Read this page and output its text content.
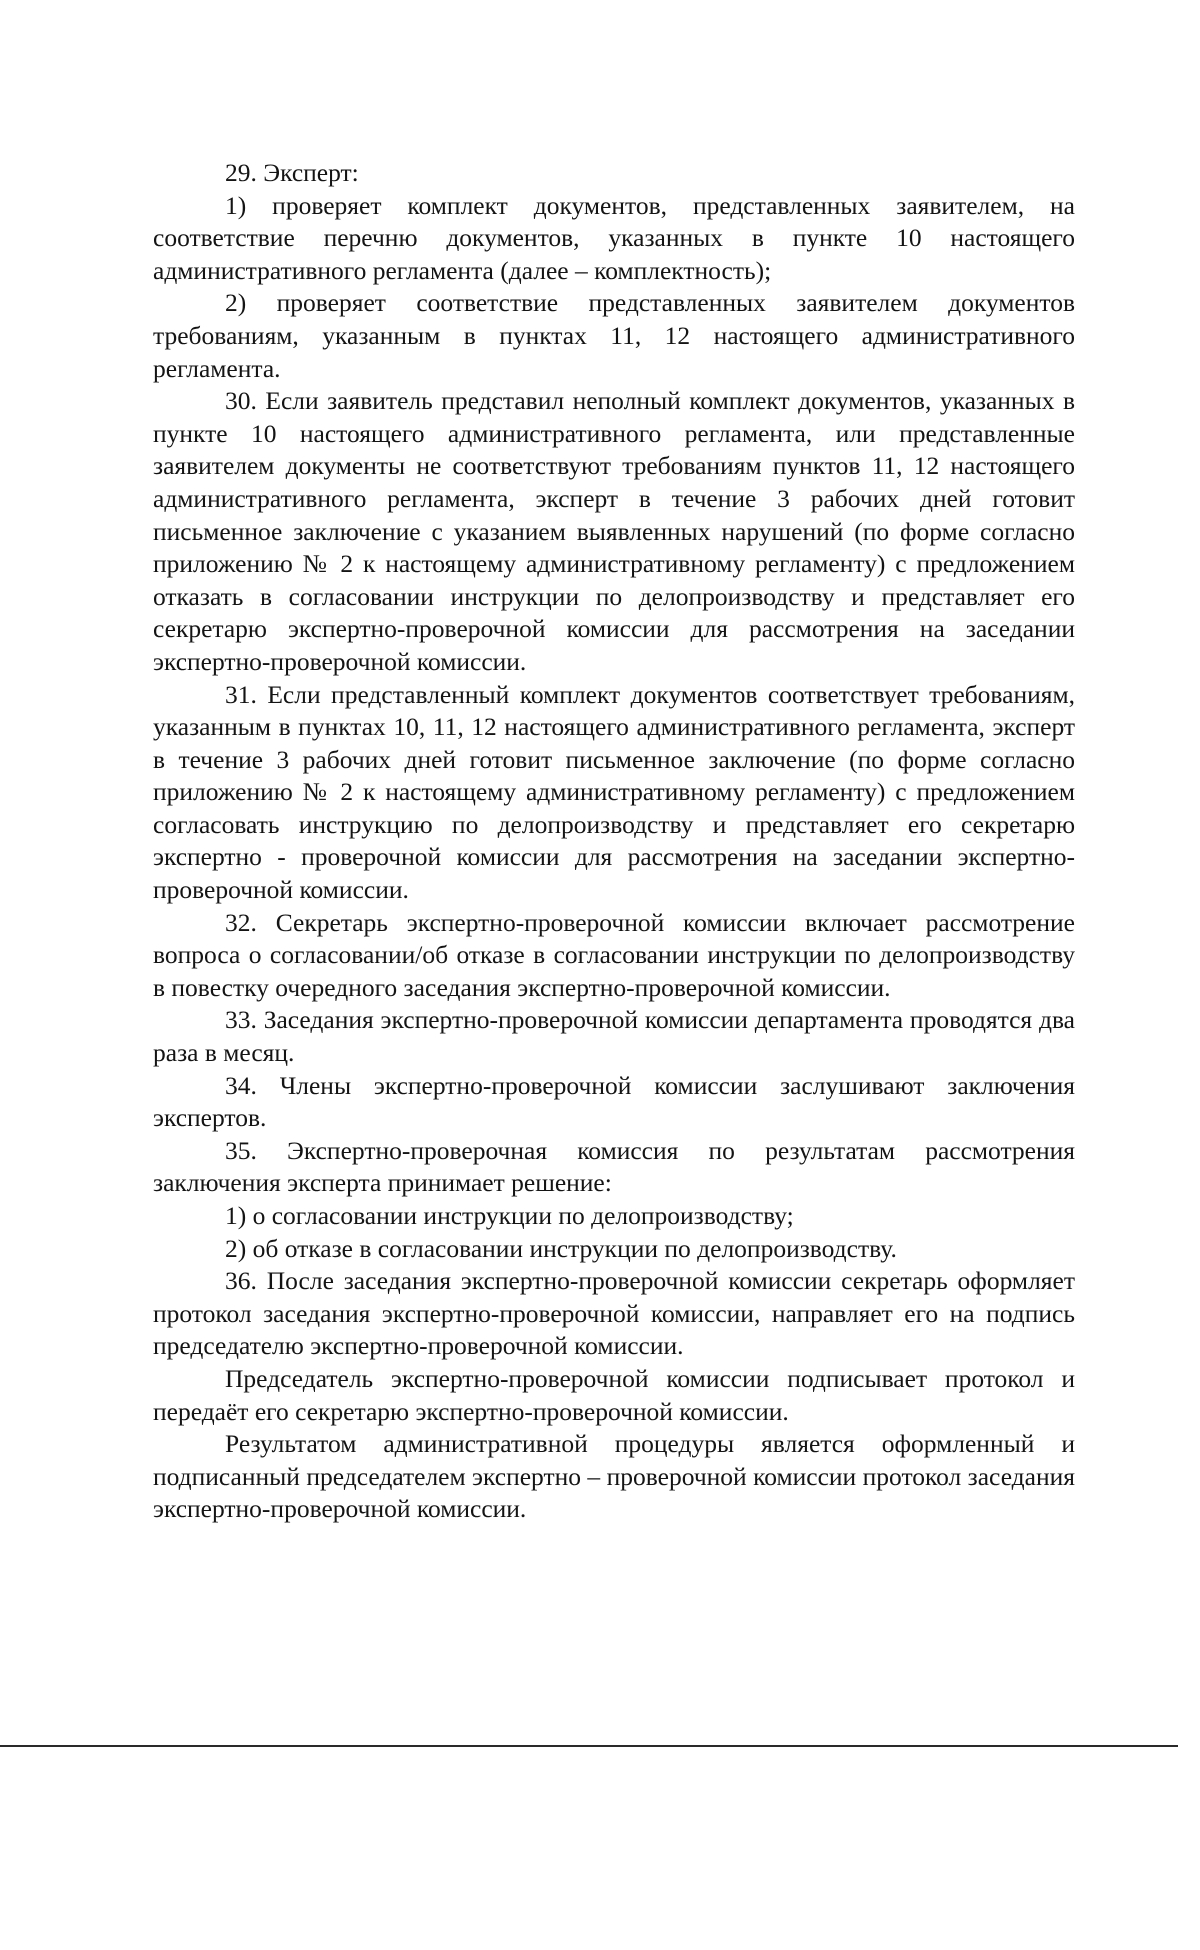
29. Эксперт:

1) проверяет комплект документов, представленных заявителем, на соответствие перечню документов, указанных в пункте 10 настоящего административного регламента (далее – комплектность);

2) проверяет соответствие представленных заявителем документов требованиям, указанным в пунктах 11, 12 настоящего административного регламента.

30. Если заявитель представил неполный комплект документов, указанных в пункте 10 настоящего административного регламента, или представленные заявителем документы не соответствуют требованиям пунктов 11, 12 настоящего административного регламента, эксперт в течение 3 рабочих дней готовит письменное заключение с указанием выявленных нарушений (по форме согласно приложению № 2 к настоящему административному регламенту) с предложением отказать в согласовании инструкции по делопроизводству и представляет его секретарю экспертно-проверочной комиссии для рассмотрения на заседании экспертно-проверочной комиссии.

31. Если представленный комплект документов соответствует требованиям, указанным в пунктах 10, 11, 12 настоящего административного регламента, эксперт в течение 3 рабочих дней готовит письменное заключение (по форме согласно приложению № 2 к настоящему административному регламенту) с предложением согласовать инструкцию по делопроизводству и представляет его секретарю экспертно - проверочной комиссии для рассмотрения на заседании экспертно-проверочной комиссии.

32. Секретарь экспертно-проверочной комиссии включает рассмотрение вопроса о согласовании/об отказе в согласовании инструкции по делопроизводству в повестку очередного заседания экспертно-проверочной комиссии.

33. Заседания экспертно-проверочной комиссии департамента проводятся два раза в месяц.

34. Члены экспертно-проверочной комиссии заслушивают заключения экспертов.

35. Экспертно-проверочная комиссия по результатам рассмотрения заключения эксперта принимает решение:

1) о согласовании инструкции по делопроизводству;

2) об отказе в согласовании инструкции по делопроизводству.

36. После заседания экспертно-проверочной комиссии секретарь оформляет протокол заседания экспертно-проверочной комиссии, направляет его на подпись председателю экспертно-проверочной комиссии.

Председатель экспертно-проверочной комиссии подписывает протокол и передаёт его секретарю экспертно-проверочной комиссии.

Результатом административной процедуры является оформленный и подписанный председателем экспертно – проверочной комиссии протокол заседания экспертно-проверочной комиссии.
